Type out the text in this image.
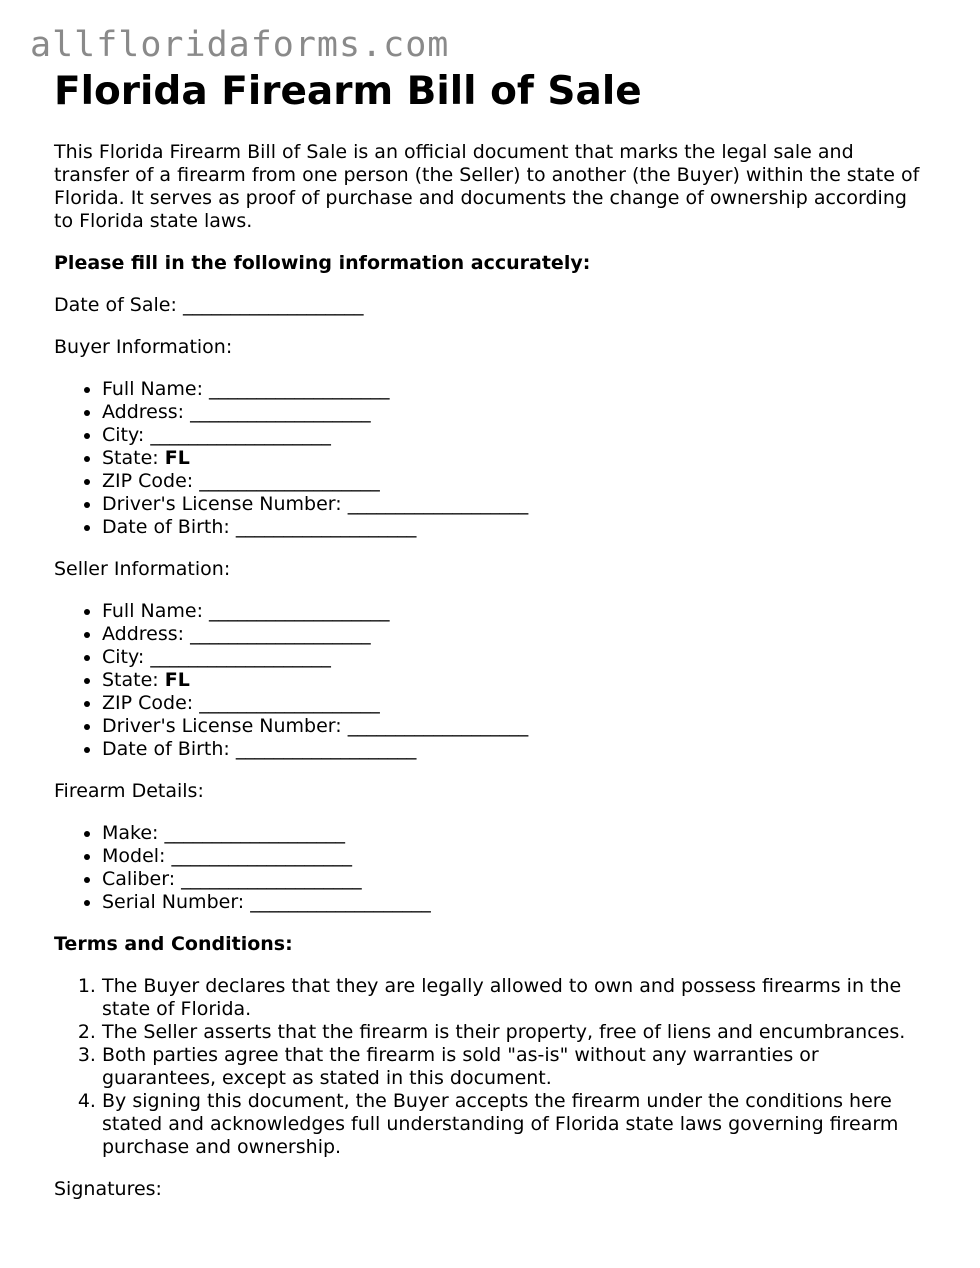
allfloridaforms.com
Florida Firearm Bill of Sale

This Florida Firearm Bill of Sale is an official document that marks the legal sale and transfer of a firearm from one person (the Seller) to another (the Buyer) within the state of Florida. It serves as proof of purchase and documents the change of ownership according to Florida state laws.

Please fill in the following information accurately:

Date of Sale: ___________________

Buyer Information:

• Full Name: ___________________
• Address: ___________________
• City: ___________________
• State: FL
• ZIP Code: ___________________
• Driver's License Number: ___________________
• Date of Birth: ___________________

Seller Information:

• Full Name: ___________________
• Address: ___________________
• City: ___________________
• State: FL
• ZIP Code: ___________________
• Driver's License Number: ___________________
• Date of Birth: ___________________

Firearm Details:

• Make: ___________________
• Model: ___________________
• Caliber: ___________________
• Serial Number: ___________________

Terms and Conditions:

1. The Buyer declares that they are legally allowed to own and possess firearms in the state of Florida.
2. The Seller asserts that the firearm is their property, free of liens and encumbrances.
3. Both parties agree that the firearm is sold "as-is" without any warranties or guarantees, except as stated in this document.
4. By signing this document, the Buyer accepts the firearm under the conditions here stated and acknowledges full understanding of Florida state laws governing firearm purchase and ownership.

Signatures:
